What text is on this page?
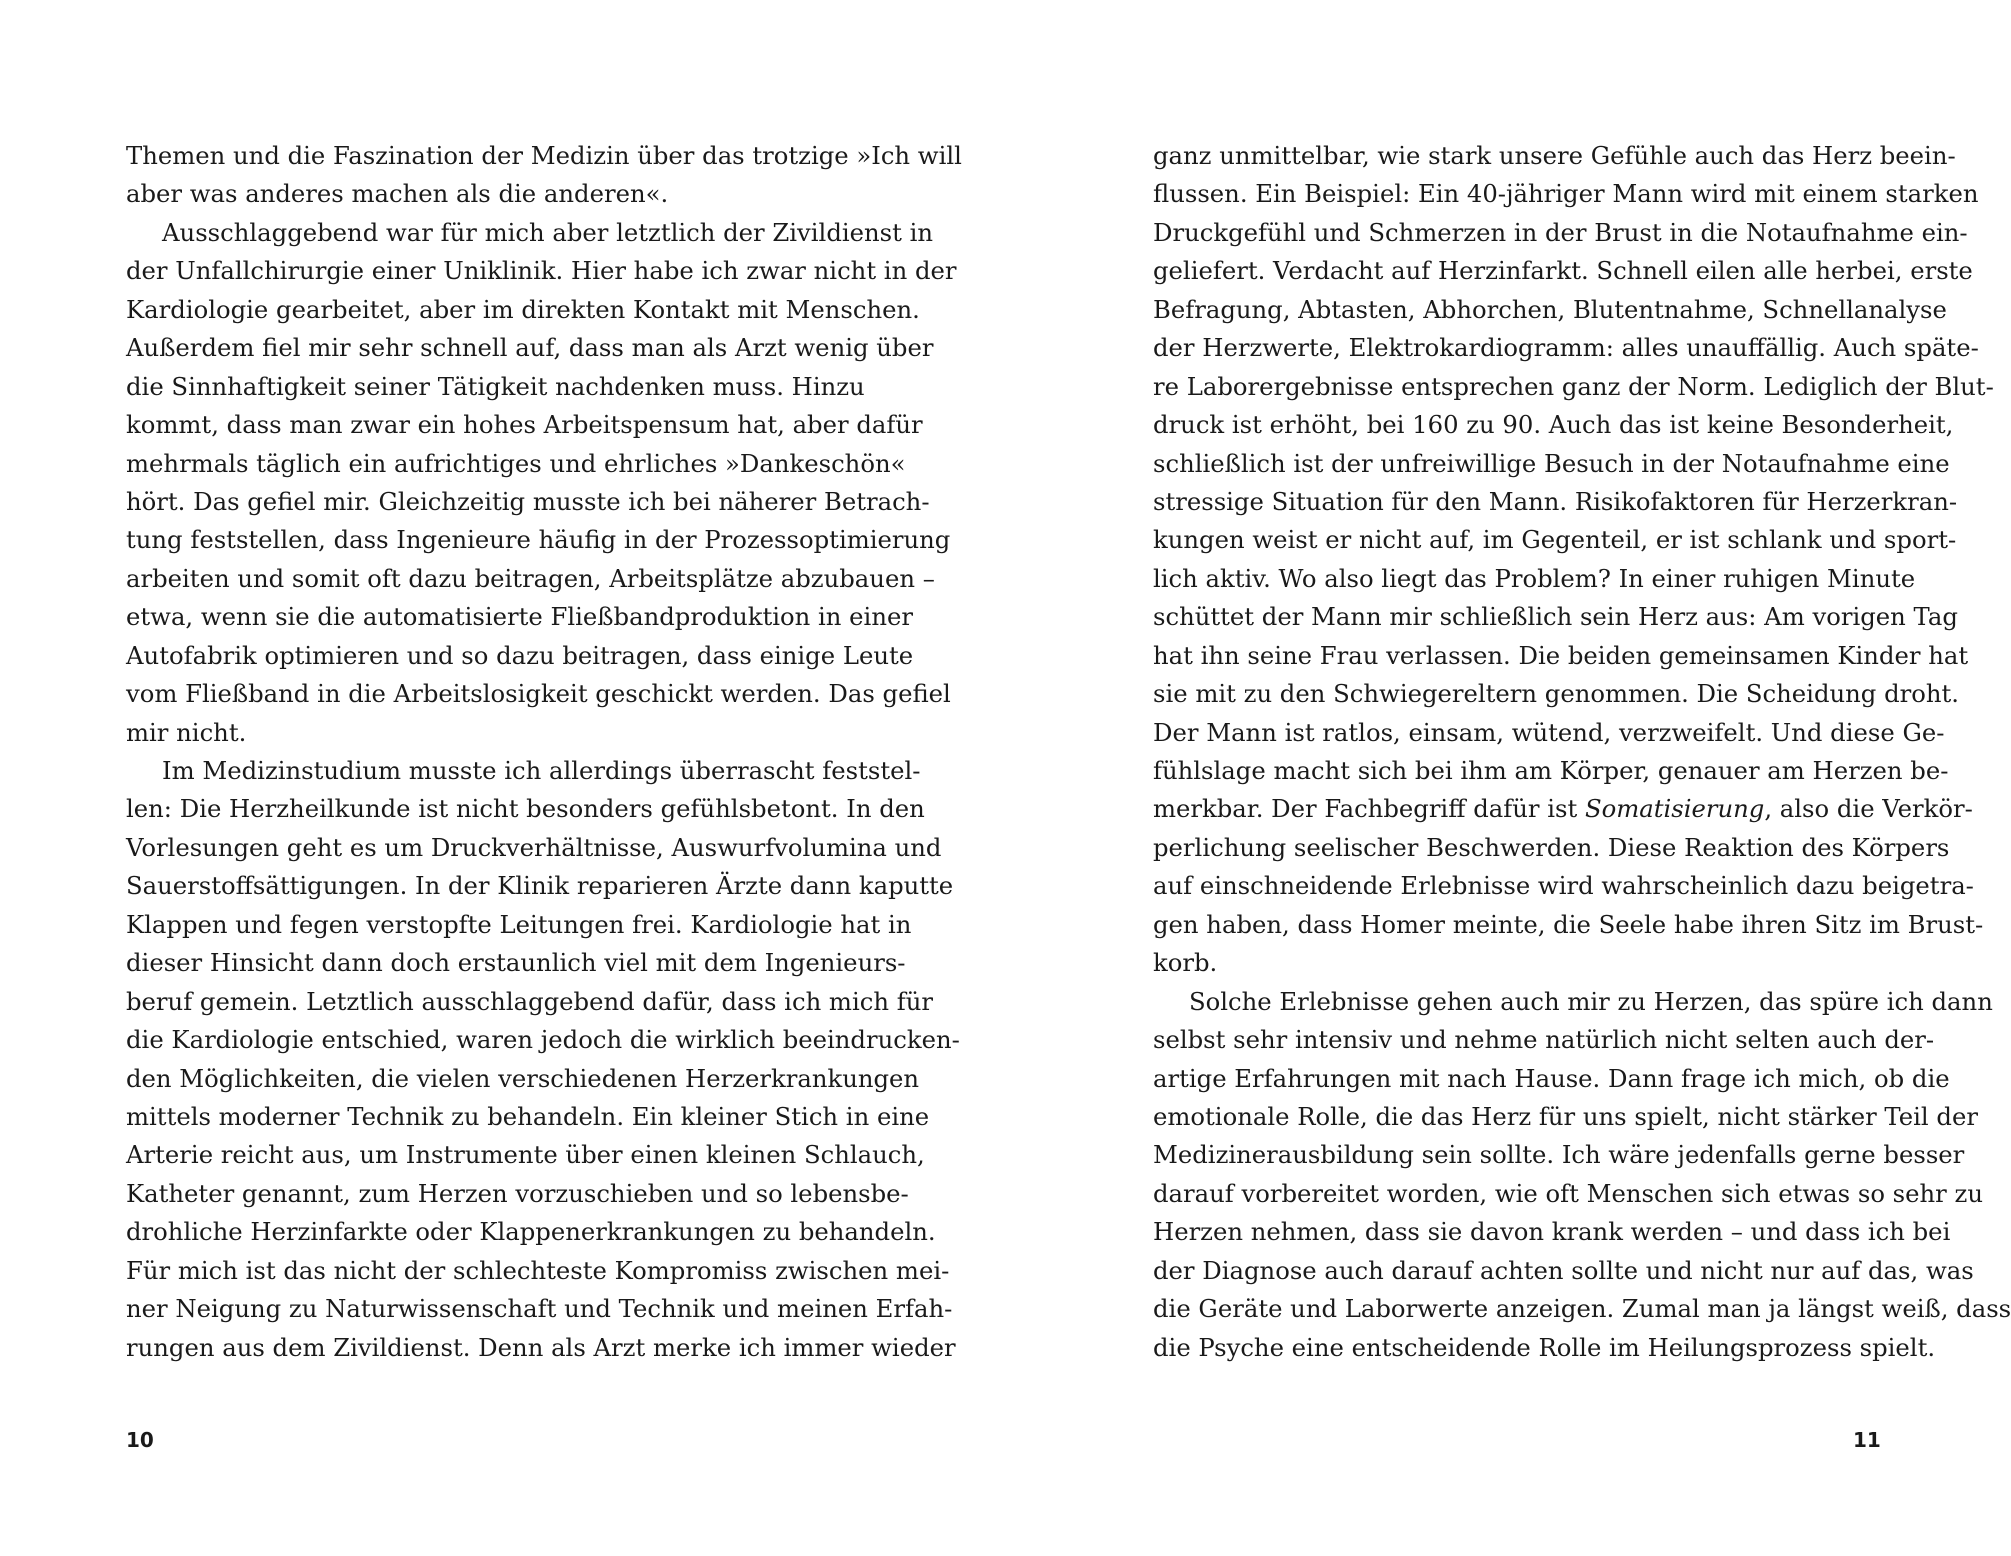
Themen und die Faszination der Medizin über das trotzige »Ich will
aber was anderes machen als die anderen«.
Ausschlaggebend war für mich aber letztlich der Zivildienst in
der Unfallchirurgie einer Uniklinik. Hier habe ich zwar nicht in der
Kardiologie gearbeitet, aber im direkten Kontakt mit Menschen.
Außerdem fiel mir sehr schnell auf, dass man als Arzt wenig über
die Sinnhaftigkeit seiner Tätigkeit nachdenken muss. Hinzu
kommt, dass man zwar ein hohes Arbeitspensum hat, aber dafür
mehrmals täglich ein aufrichtiges und ehrliches »Dankeschön«
hört. Das gefiel mir. Gleichzeitig musste ich bei näherer Betrach-
tung feststellen, dass Ingenieure häufig in der Prozessoptimierung
arbeiten und somit oft dazu beitragen, Arbeitsplätze abzubauen –
etwa, wenn sie die automatisierte Fließbandproduktion in einer
Autofabrik optimieren und so dazu beitragen, dass einige Leute
vom Fließband in die Arbeitslosigkeit geschickt werden. Das gefiel
mir nicht.
Im Medizinstudium musste ich allerdings überrascht feststel-
len: Die Herzheilkunde ist nicht besonders gefühlsbetont. In den
Vorlesungen geht es um Druckverhältnisse, Auswurfvolumina und
Sauerstoffsättigungen. In der Klinik reparieren Ärzte dann kaputte
Klappen und fegen verstopfte Leitungen frei. Kardiologie hat in
dieser Hinsicht dann doch erstaunlich viel mit dem Ingenieurs-
beruf gemein. Letztlich ausschlaggebend dafür, dass ich mich für
die Kardiologie entschied, waren jedoch die wirklich beeindrucken-
den Möglichkeiten, die vielen verschiedenen Herzerkrankungen
mittels moderner Technik zu behandeln. Ein kleiner Stich in eine
Arterie reicht aus, um Instrumente über einen kleinen Schlauch,
Katheter genannt, zum Herzen vorzuschieben und so lebensbe-
drohliche Herzinfarkte oder Klappenerkrankungen zu behandeln.
Für mich ist das nicht der schlechteste Kompromiss zwischen mei-
ner Neigung zu Naturwissenschaft und Technik und meinen Erfah-
rungen aus dem Zivildienst. Denn als Arzt merke ich immer wieder
10
ganz unmittelbar, wie stark unsere Gefühle auch das Herz beein-
flussen. Ein Beispiel: Ein 40-jähriger Mann wird mit einem starken
Druckgefühl und Schmerzen in der Brust in die Notaufnahme ein-
geliefert. Verdacht auf Herzinfarkt. Schnell eilen alle herbei, erste
Befragung, Abtasten, Abhorchen, Blutentnahme, Schnellanalyse
der Herzwerte, Elektrokardiogramm: alles unauffällig. Auch späte-
re Laborergebnisse entsprechen ganz der Norm. Lediglich der Blut-
druck ist erhöht, bei 160 zu 90. Auch das ist keine Besonderheit,
schließlich ist der unfreiwillige Besuch in der Notaufnahme eine
stressige Situation für den Mann. Risikofaktoren für Herzerkran-
kungen weist er nicht auf, im Gegenteil, er ist schlank und sport-
lich aktiv. Wo also liegt das Problem? In einer ruhigen Minute
schüttet der Mann mir schließlich sein Herz aus: Am vorigen Tag
hat ihn seine Frau verlassen. Die beiden gemeinsamen Kinder hat
sie mit zu den Schwiegereltern genommen. Die Scheidung droht.
Der Mann ist ratlos, einsam, wütend, verzweifelt. Und diese Ge-
fühlslage macht sich bei ihm am Körper, genauer am Herzen be-
merkbar. Der Fachbegriff dafür ist Somatisierung, also die Verkör-
perlichung seelischer Beschwerden. Diese Reaktion des Körpers
auf einschneidende Erlebnisse wird wahrscheinlich dazu beigetra-
gen haben, dass Homer meinte, die Seele habe ihren Sitz im Brust-
korb.
Solche Erlebnisse gehen auch mir zu Herzen, das spüre ich dann
selbst sehr intensiv und nehme natürlich nicht selten auch der-
artige Erfahrungen mit nach Hause. Dann frage ich mich, ob die
emotionale Rolle, die das Herz für uns spielt, nicht stärker Teil der
Medizinerausbildung sein sollte. Ich wäre jedenfalls gerne besser
darauf vorbereitet worden, wie oft Menschen sich etwas so sehr zu
Herzen nehmen, dass sie davon krank werden – und dass ich bei
der Diagnose auch darauf achten sollte und nicht nur auf das, was
die Geräte und Laborwerte anzeigen. Zumal man ja längst weiß, dass
die Psyche eine entscheidende Rolle im Heilungsprozess spielt.
11
